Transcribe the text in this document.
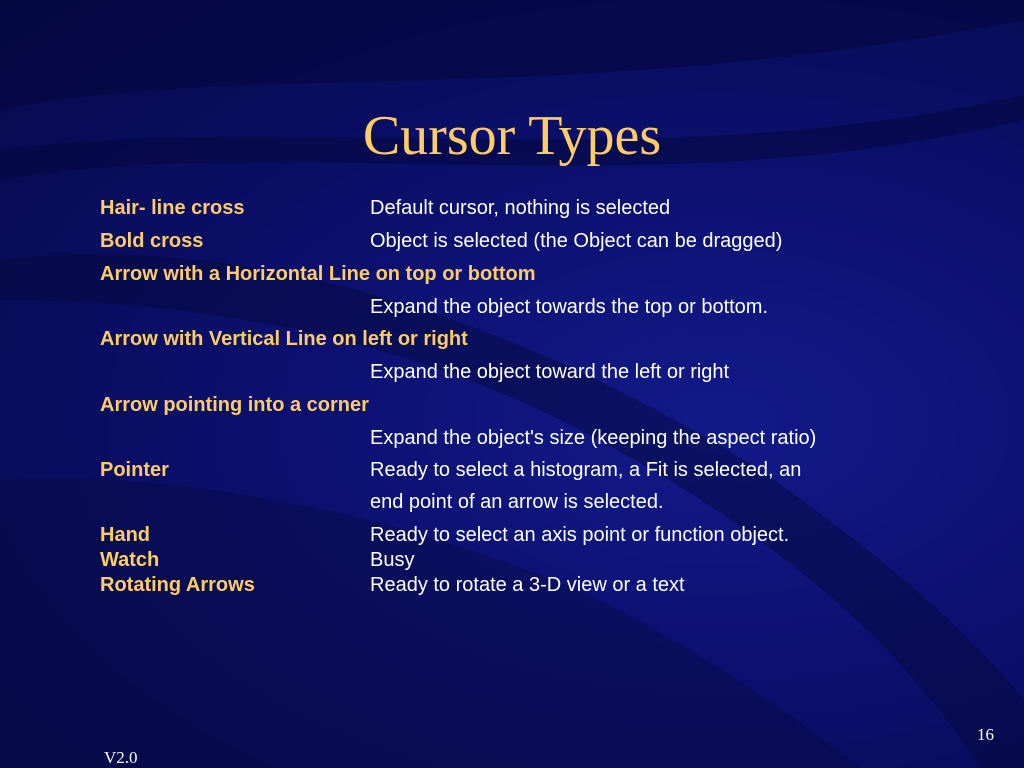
Cursor Types
Hair- line cross	Default cursor, nothing is selected
Bold cross	Object is selected (the Object can be dragged)
Arrow with a Horizontal Line on top or bottom
Expand the object towards the top or bottom.
Arrow with Vertical Line on left or right
Expand the object toward the left or right
Arrow pointing into a corner
Expand the object's size (keeping the aspect ratio)
Pointer	Ready to select a histogram, a Fit is selected, an
end point of an arrow is selected.
Hand	Ready to select an axis point or function object.
Watch	Busy
Rotating Arrows	Ready to rotate a 3-D view or a text
16
V2.0
